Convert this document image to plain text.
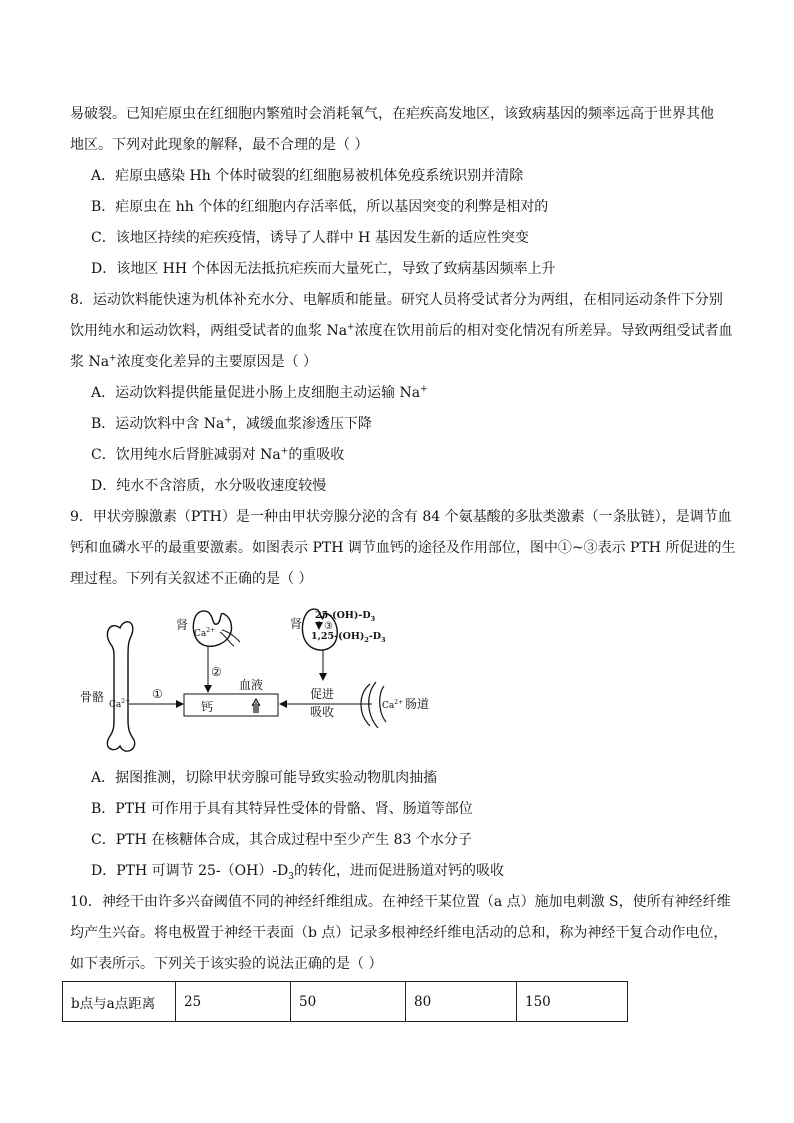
易破裂。已知疟原虫在红细胞内繁殖时会消耗氧气，在疟疾高发地区，该致病基因的频率远高于世界其他
地区。下列对此现象的解释，最不合理的是（ ）
A．疟原虫感染 Hh 个体时破裂的红细胞易被机体免疫系统识别并清除
B．疟原虫在 hh 个体的红细胞内存活率低，所以基因突变的利弊是相对的
C．该地区持续的疟疾疫情，诱导了人群中 H 基因发生新的适应性突变
D．该地区 HH 个体因无法抵抗疟疾而大量死亡，导致了致病基因频率上升
8．运动饮料能快速为机体补充水分、电解质和能量。研究人员将受试者分为两组，在相同运动条件下分别
饮用纯水和运动饮料，两组受试者的血浆 Na+浓度在饮用前后的相对变化情况有所差异。导致两组受试者血
浆 Na+浓度变化差异的主要原因是（ ）
A．运动饮料提供能量促进小肠上皮细胞主动运输 Na+
B．运动饮料中含 Na+，减缓血浆渗透压下降
C．饮用纯水后肾脏减弱对 Na+的重吸收
D．纯水不含溶质，水分吸收速度较慢
9．甲状旁腺激素（PTH）是一种由甲状旁腺分泌的含有 84 个氨基酸的多肽类激素（一条肽链），是调节血
钙和血磷水平的最重要激素。如图表示 PTH 调节血钙的途径及作用部位，图中①~③表示 PTH 所促进的生
理过程。下列有关叙述不正确的是（ ）
骨骼
$Ca^{2+}$
①
血液
钙
肾
$Ca^{2+}$
②
肾
$25-(OH)-D_3$
③
$1,25-(OH)_2-D_3$
促进
吸收	$Ca^{2+}$ 肠道
A．据图推测，切除甲状旁腺可能导致实验动物肌肉抽搐
B．PTH 可作用于具有其特异性受体的骨骼、肾、肠道等部位
C．PTH 在核糖体合成，其合成过程中至少产生 83 个水分子
D．PTH 可调节 $25-(OH)-D_3$的转化，进而促进肠道对钙的吸收
10．神经干由许多兴奋阈值不同的神经纤维组成。在神经干某位置（a 点）施加电刺激 S，使所有神经纤维
均产生兴奋。将电极置于神经干表面（b 点）记录多根神经纤维电活动的总和，称为神经干复合动作电位，
如下表所示。下列关于该实验的说法正确的是（ ）
b点与a点距离	25	50	80	150
